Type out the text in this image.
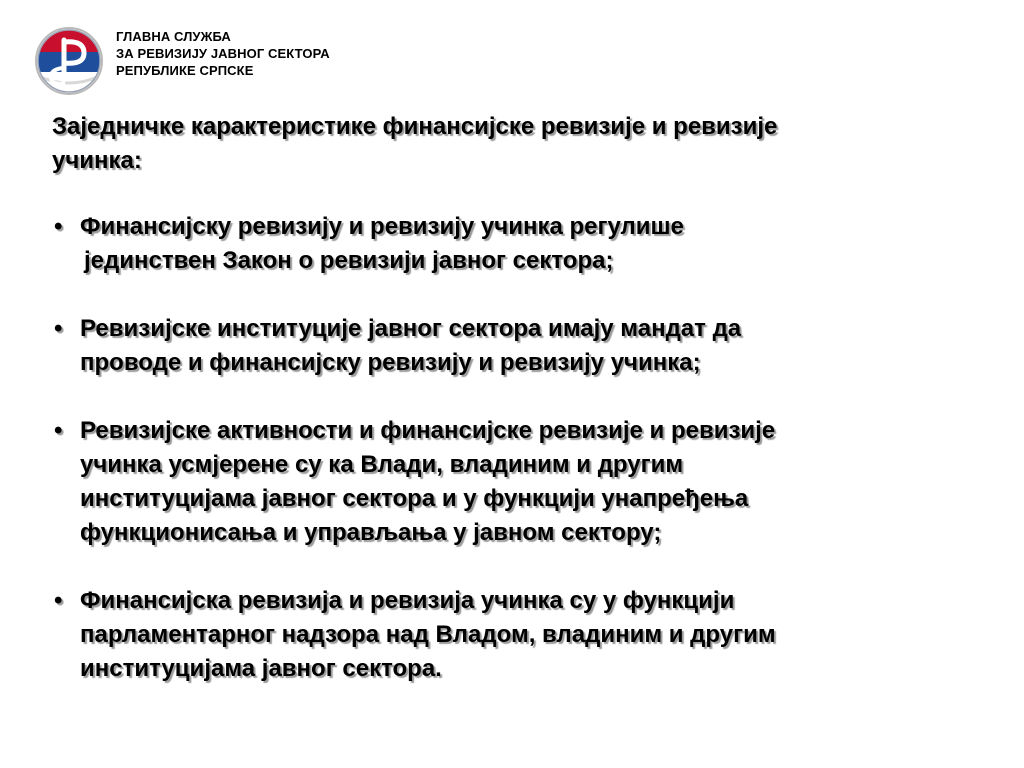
ГЛАВНА СЛУЖБА
ЗА РЕВИЗИЈУ ЈАВНОГ СЕКТОРА
РЕПУБЛИКЕ СРПСКЕ
Заједничке карактеристике финансијске ревизије и ревизије
учинка:
• Финансијску ревизију и ревизију учинка регулише
јединствен Закон о ревизији јавног сектора;
• Ревизијске институције јавног сектора имају мандат да
проводе и финансијску ревизију и ревизију учинка;
• Ревизијске активности и финансијске ревизије и ревизије
учинка усмјерене су ка Влади, владиним и другим
институцијама јавног сектора и у функцији унапређења
функционисања и управљања у јавном сектору;
• Финансијска ревизија и ревизија учинка су у функцији
парламентарног надзора над Владом, владиним и другим
институцијама јавног сектора.
